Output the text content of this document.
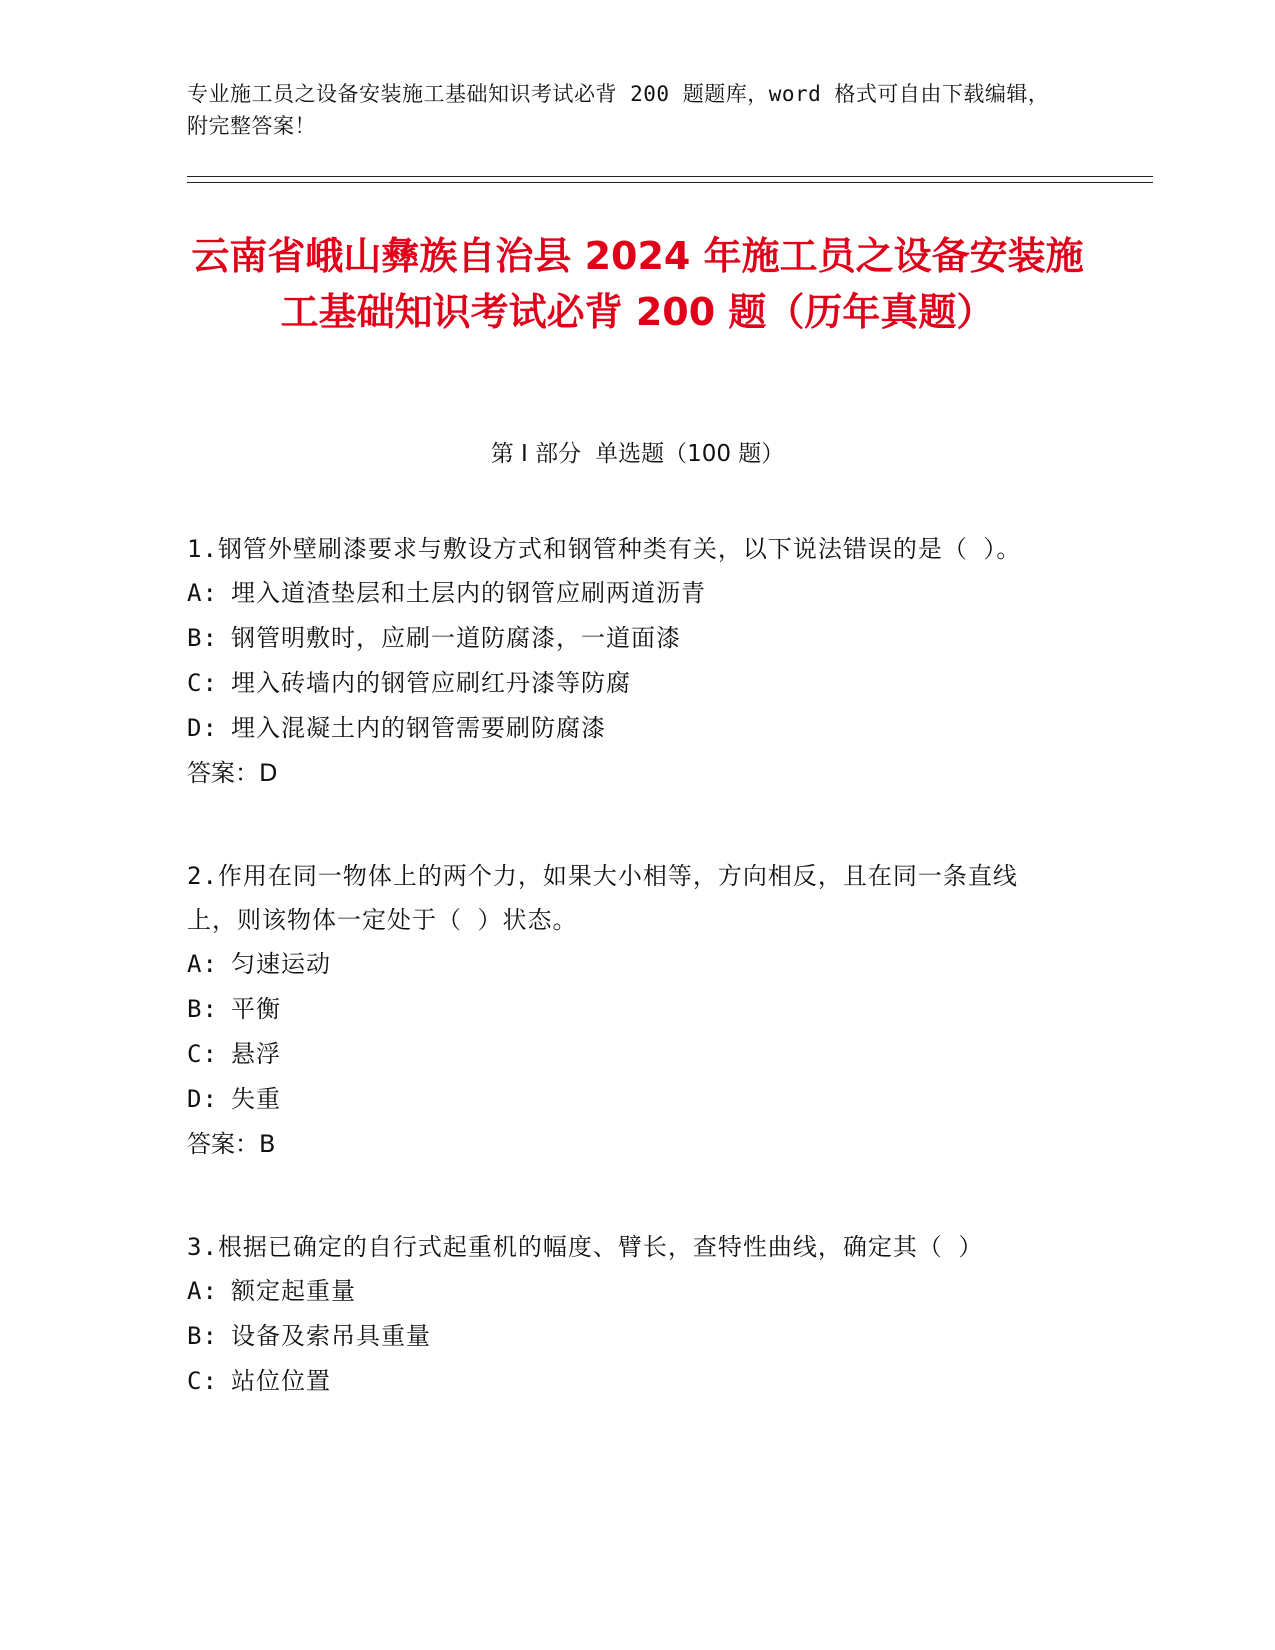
专业施工员之设备安装施工基础知识考试必背 200 题题库，word 格式可自由下载编辑，附完整答案！
云南省峨山彝族自治县 2024 年施工员之设备安装施工基础知识考试必背 200 题（历年真题）
第 I 部分 单选题（100 题）
1.钢管外壁刷漆要求与敷设方式和钢管种类有关，以下说法错误的是（ ）。
A: 埋入道渣垫层和土层内的钢管应刷两道沥青
B: 钢管明敷时，应刷一道防腐漆，一道面漆
C: 埋入砖墙内的钢管应刷红丹漆等防腐
D: 埋入混凝土内的钢管需要刷防腐漆
答案：D
2.作用在同一物体上的两个力，如果大小相等，方向相反，且在同一条直线上，则该物体一定处于（ ）状态。
A: 匀速运动
B: 平衡
C: 悬浮
D: 失重
答案：B
3.根据已确定的自行式起重机的幅度、臂长，查特性曲线，确定其（ ）
A: 额定起重量
B: 设备及索吊具重量
C: 站位位置
